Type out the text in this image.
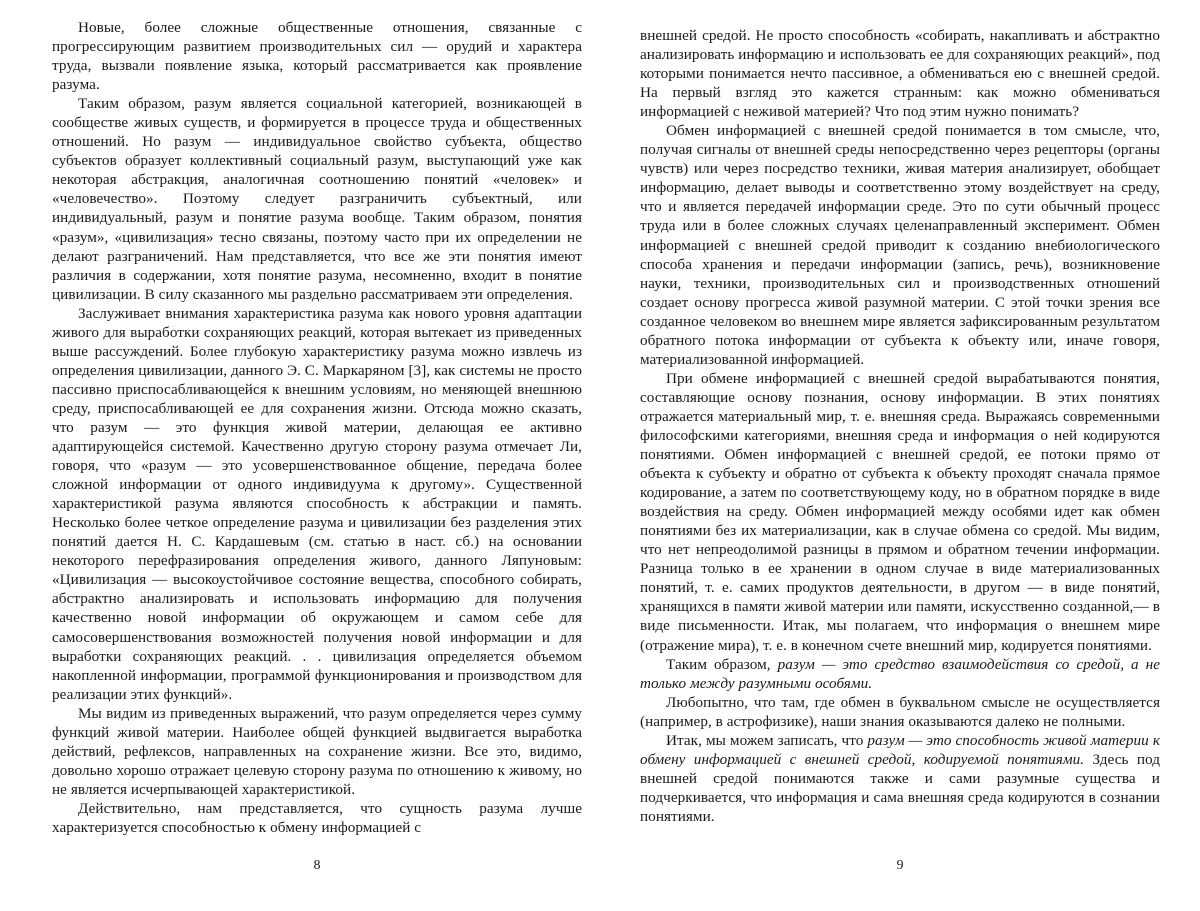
Новые, более сложные общественные отношения, связанные с прогрессирующим развитием производительных сил — орудий и характера труда, вызвали появление языка, который рассматривается как проявление разума.

Таким образом, разум является социальной категорией, возникающей в сообществе живых существ, и формируется в процессе труда и общественных отношений. Но разум — индивидуальное свойство субъекта, общество субъектов образует коллективный социальный разум, выступающий уже как некоторая абстракция, аналогичная соотношению понятий «человек» и «человечество». Поэтому следует разграничить субъектный, или индивидуальный, разум и понятие разума вообще. Таким образом, понятия «разум», «цивилизация» тесно связаны, поэтому часто при их определении не делают разграничений. Нам представляется, что все же эти понятия имеют различия в содержании, хотя понятие разума, несомненно, входит в понятие цивилизации. В силу сказанного мы раздельно рассматриваем эти определения.

Заслуживает внимания характеристика разума как нового уровня адаптации живого для выработки сохраняющих реакций, которая вытекает из приведенных выше рассуждений. Более глубокую характеристику разума можно извлечь из определения цивилизации, данного Э. С. Маркаряном [3], как системы не просто пассивно приспосабливающейся к внешним условиям, но меняющей внешнюю среду, приспосабливающей ее для сохранения жизни. Отсюда можно сказать, что разум — это функция живой материи, делающая ее активно адаптирующейся системой. Качественно другую сторону разума отмечает Ли, говоря, что «разум — это усовершенствованное общение, передача более сложной информации от одного индивидуума к другому». Существенной характеристикой разума являются способность к абстракции и память. Несколько более четкое определение разума и цивилизации без разделения этих понятий дается Н. С. Кардашевым (см. статью в наст. сб.) на основании некоторого перефразирования определения живого, данного Ляпуновым: «Цивилизация — высокоустойчивое состояние вещества, способного собирать, абстрактно анализировать и использовать информацию для получения качественно новой информации об окружающем и самом себе для самосовершенствования возможностей получения новой информации и для выработки сохраняющих реакций. . . цивилизация определяется объемом накопленной информации, программой функционирования и производством для реализации этих функций».

Мы видим из приведенных выражений, что разум определяется через сумму функций живой материи. Наиболее общей функцией выдвигается выработка действий, рефлексов, направленных на сохранение жизни. Все это, видимо, довольно хорошо отражает целевую сторону разума по отношению к живому, но не является исчерпывающей характеристикой.

Действительно, нам представляется, что сущность разума лучше характеризуется способностью к обмену информацией с

8

внешней средой. Не просто способность «собирать, накапливать и абстрактно анализировать информацию и использовать ее для сохраняющих реакций», под которыми понимается нечто пассивное, а обмениваться ею с внешней средой. На первый взгляд это кажется странным: как можно обмениваться информацией с неживой материей? Что под этим нужно понимать?

Обмен информацией с внешней средой понимается в том смысле, что, получая сигналы от внешней среды непосредственно через рецепторы (органы чувств) или через посредство техники, живая материя анализирует, обобщает информацию, делает выводы и соответственно этому воздействует на среду, что и является передачей информации среде. Это по сути обычный процесс труда или в более сложных случаях целенаправленный эксперимент. Обмен информацией с внешней средой приводит к созданию внебиологического способа хранения и передачи информации (запись, речь), возникновение науки, техники, производительных сил и производственных отношений создает основу прогресса живой разумной материи. С этой точки зрения все созданное человеком во внешнем мире является зафиксированным результатом обратного потока информации от субъекта к объекту или, иначе говоря, материализованной информацией.

При обмене информацией с внешней средой вырабатываются понятия, составляющие основу познания, основу информации. В этих понятиях отражается материальный мир, т. е. внешняя среда. Выражаясь современными философскими категориями, внешняя среда и информация о ней кодируются понятиями. Обмен информацией с внешней средой, ее потоки прямо от объекта к субъекту и обратно от субъекта к объекту проходят сначала прямое кодирование, а затем по соответствующему коду, но в обратном порядке в виде воздействия на среду. Обмен информацией между особями идет как обмен понятиями без их материализации, как в случае обмена со средой. Мы видим, что нет непреодолимой разницы в прямом и обратном течении информации. Разница только в ее хранении в одном случае в виде материализованных понятий, т. е. самих продуктов деятельности, в другом — в виде понятий, хранящихся в памяти живой материи или памяти, искусственно созданной,— в виде письменности. Итак, мы полагаем, что информация о внешнем мире (отражение мира), т. е. в конечном счете внешний мир, кодируется понятиями.

Таким образом, разум — это средство взаимодействия со средой, а не только между разумными особями.

Любопытно, что там, где обмен в буквальном смысле не осуществляется (например, в астрофизике), наши знания оказываются далеко не полными.

Итак, мы можем записать, что разум — это способность живой материи к обмену информацией с внешней средой, кодируемой понятиями. Здесь под внешней средой понимаются также и сами разумные существа и подчеркивается, что информация и сама внешняя среда кодируются в сознании понятиями.

9
